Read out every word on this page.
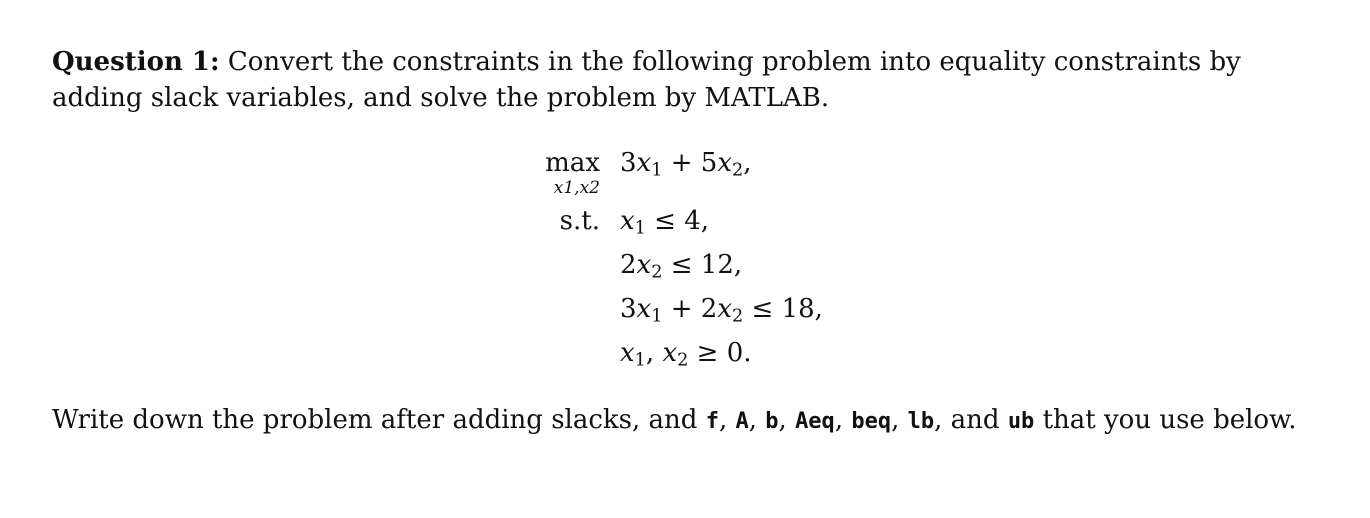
Question 1: Convert the constraints in the following problem into equality constraints by adding slack variables, and solve the problem by MATLAB.

max
x1,x2
$3x_1 + 5x_2$,
s.t. $x_1 \le 4$,
$2x_2 \le 12$,
$3x_1 + 2x_2 \le 18$,
$x_1$, $x_2 \ge 0$.

Write down the problem after adding slacks, and f, A, b, Aeq, beq, lb, and ub that you use below.
